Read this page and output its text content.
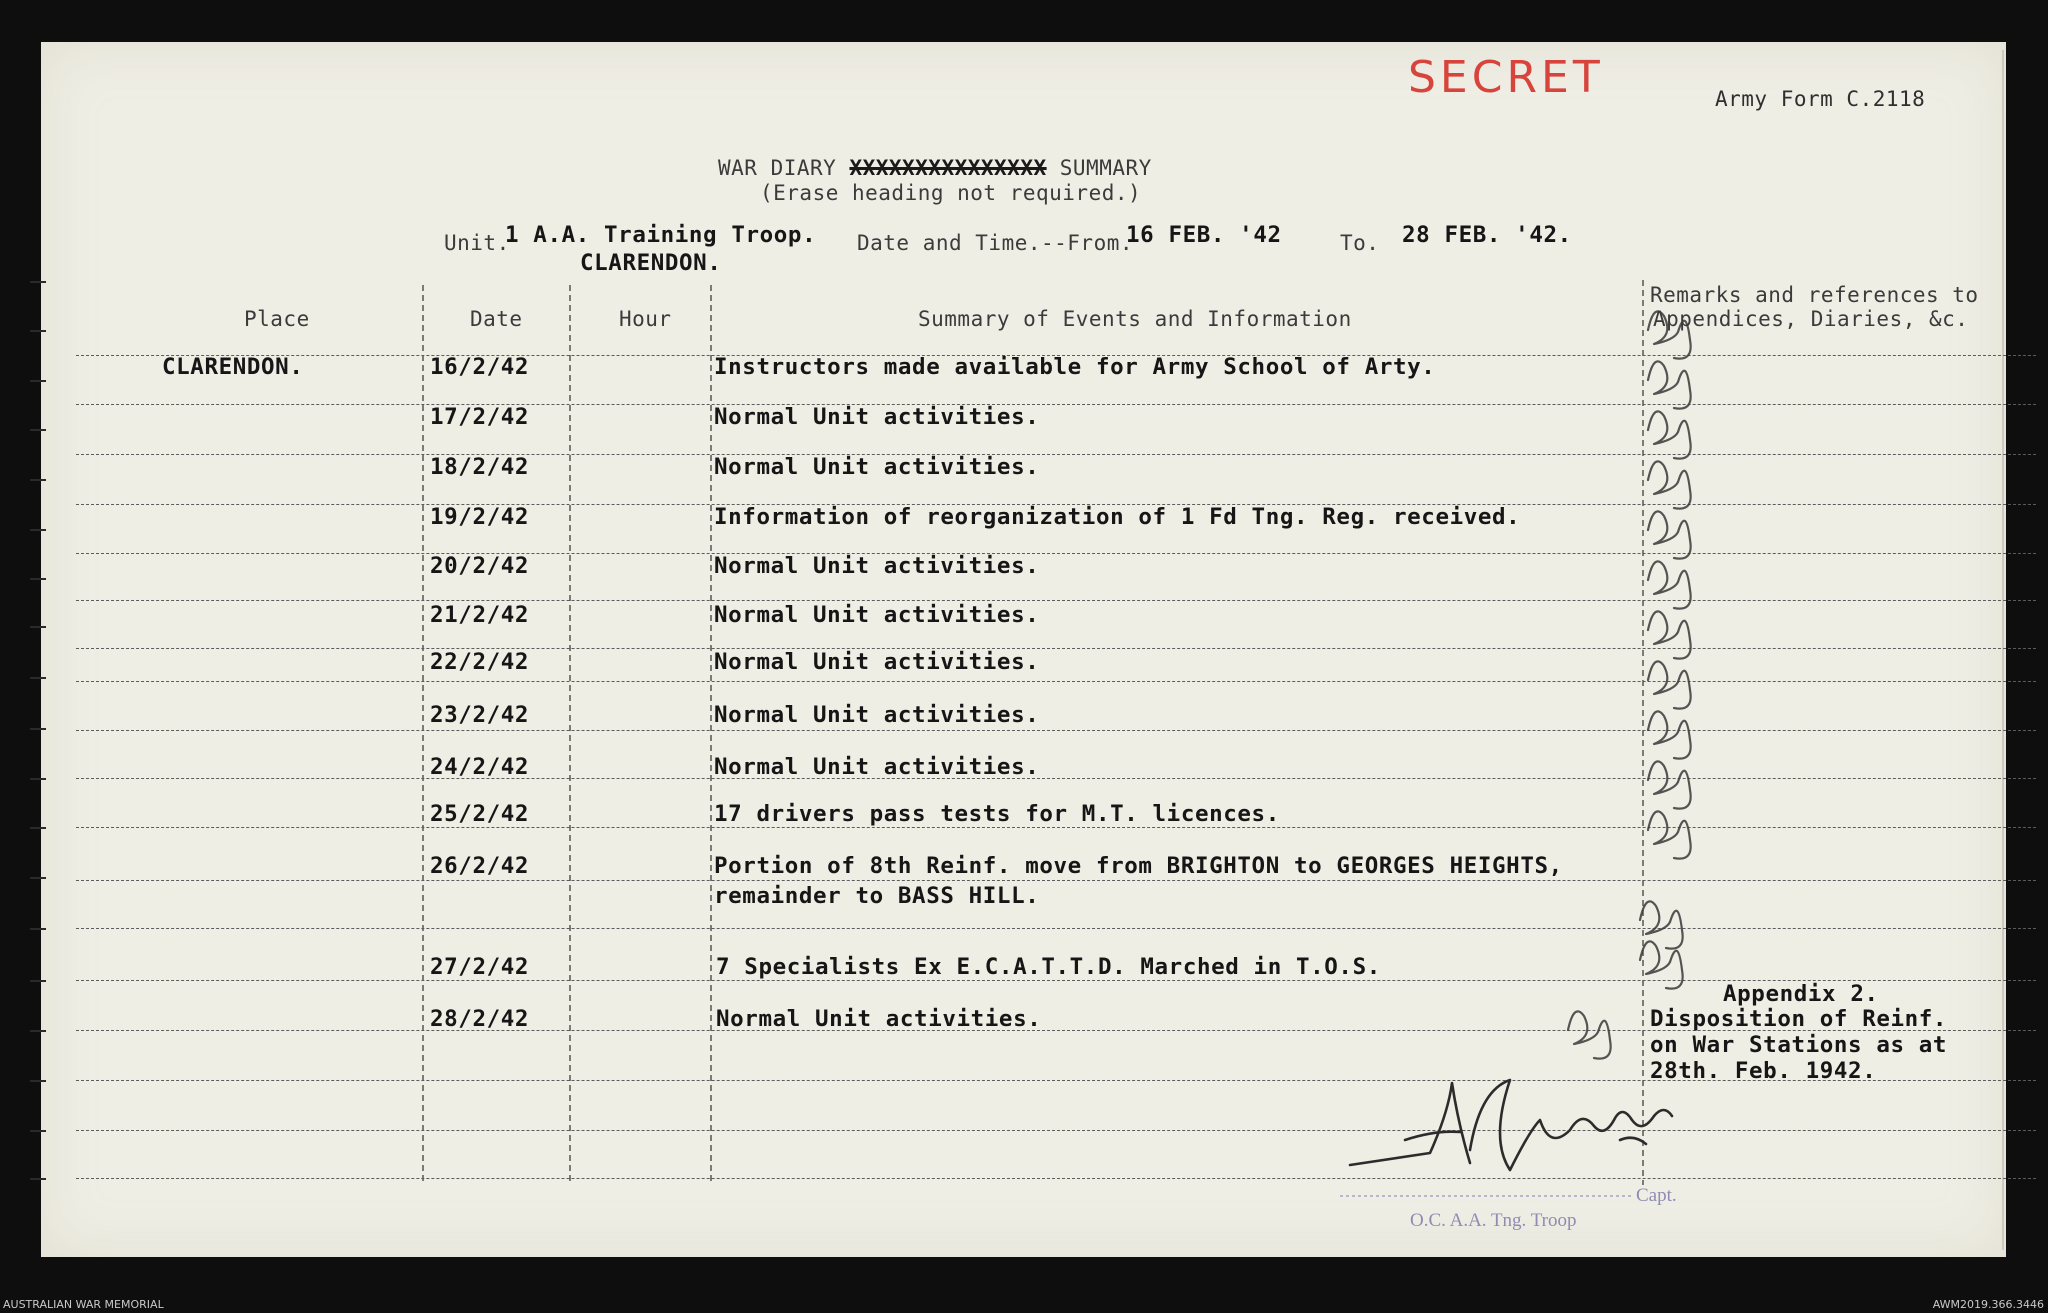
SECRET	Army Form C.2118
WAR DIARY XXXXXXXXXXXXXXX SUMMARY
(Erase heading not required.)
Unit.
1 A.A. Training Troop.
CLARENDON.
Date and Time.--From.
16 FEB. '42	To. 28 FEB. '42.
Place	Date	Hour	Summary of Events and Information
Remarks and references to
Appendices, Diaries, &c.
CLARENDON.	16/2/42	Instructors made available for Army School of Arty.
17/2/42	Normal Unit activities.
18/2/42	Normal Unit activities.
19/2/42	Information of reorganization of 1 Fd Tng. Reg. received.
20/2/42	Normal Unit activities.
21/2/42	Normal Unit activities.
22/2/42	Normal Unit activities.
23/2/42	Normal Unit activities.
24/2/42	Normal Unit activities.
25/2/42	17 drivers pass tests for M.T. licences.
26/2/42	Portion of 8th Reinf. move from BRIGHTON to GEORGES HEIGHTS,
remainder to BASS HILL.
27/2/42	7 Specialists Ex E.C.A.T.T.D. Marched in T.O.S.
28/2/42	Normal Unit activities.
Appendix 2.
Disposition of Reinf.
on War Stations as at
28th. Feb. 1942.
Capt.
O.C. A.A. Tng. Troop
AUSTRALIAN WAR MEMORIAL	AWM2019.366.3446
